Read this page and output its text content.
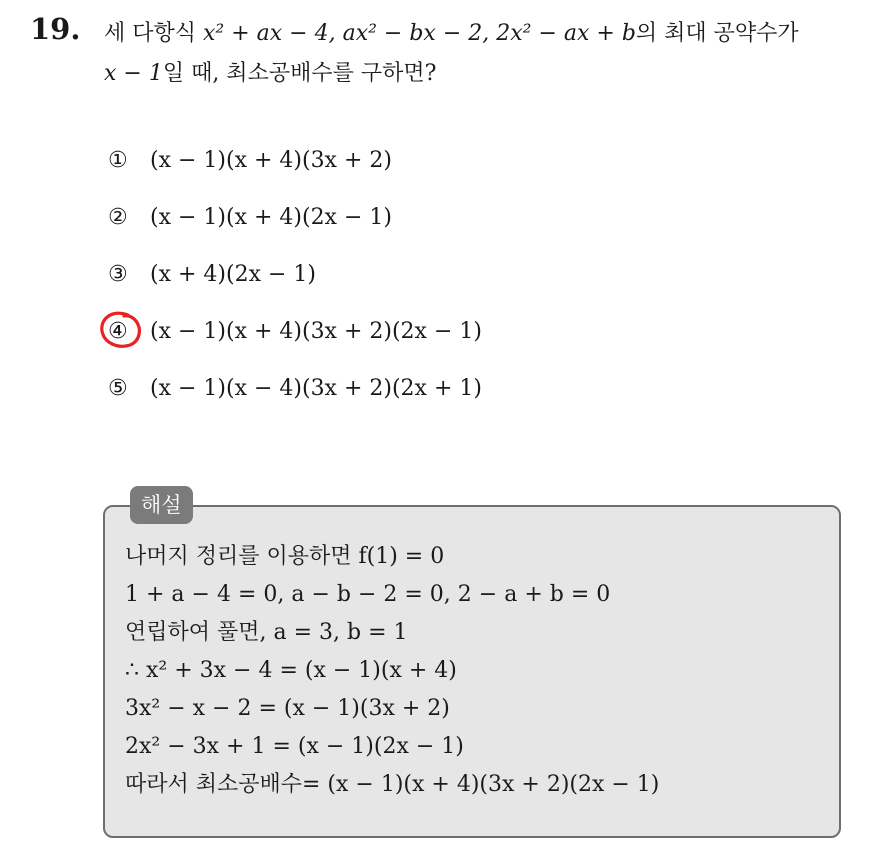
19. 세 다항식 x² + ax − 4, ax² − bx − 2, 2x² − ax + b의 최대 공약수가
x − 1일 때, 최소공배수를 구하면?
① (x − 1)(x + 4)(3x + 2)
② (x − 1)(x + 4)(2x − 1)
③ (x + 4)(2x − 1)
④ (x − 1)(x + 4)(3x + 2)(2x − 1)
⑤ (x − 1)(x − 4)(3x + 2)(2x + 1)
해설
나머지 정리를 이용하면 f(1) = 0
1 + a − 4 = 0, a − b − 2 = 0, 2 − a + b = 0
연립하여 풀면, a = 3, b = 1
∴ x² + 3x − 4 = (x − 1)(x + 4)
3x² − x − 2 = (x − 1)(3x + 2)
2x² − 3x + 1 = (x − 1)(2x − 1)
따라서 최소공배수= (x − 1)(x + 4)(3x + 2)(2x − 1)
